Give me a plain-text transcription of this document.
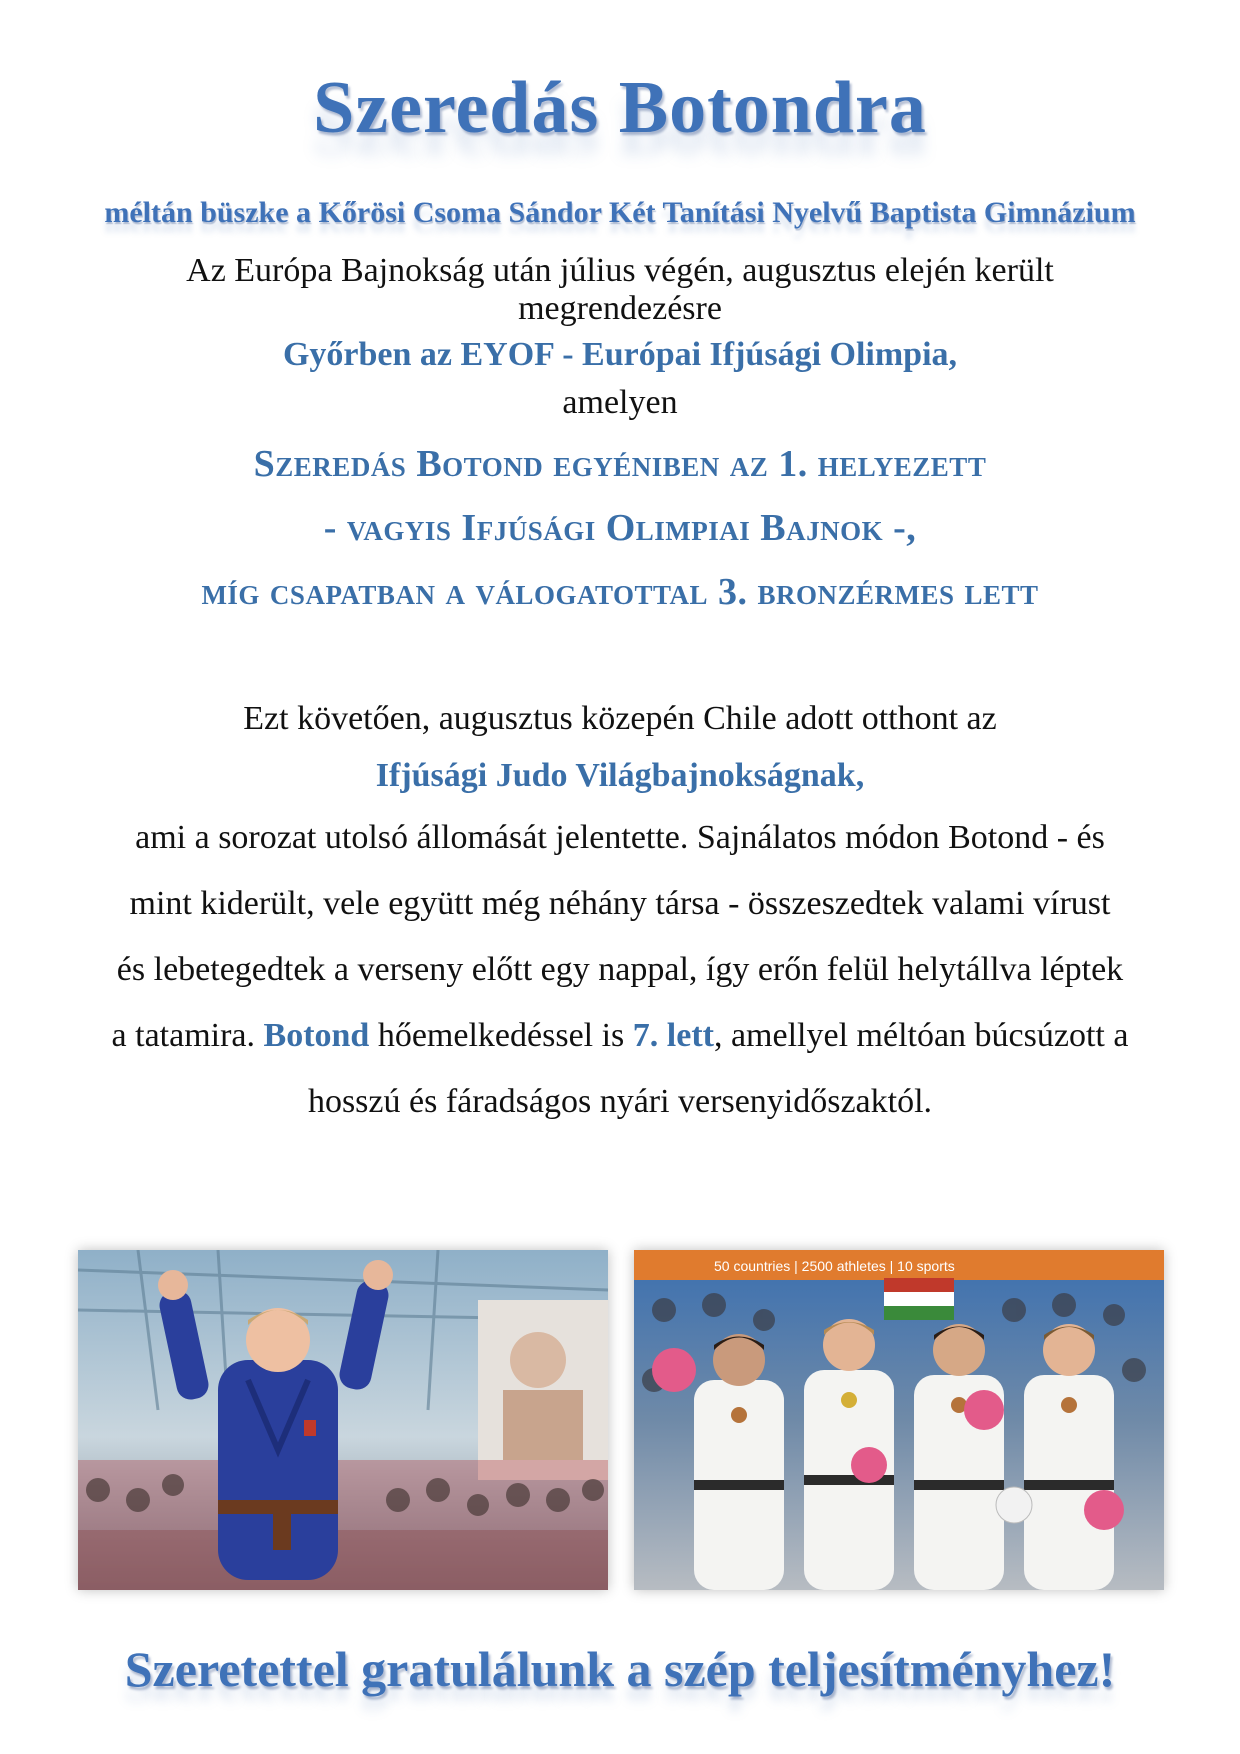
Szeredás Botondra
méltán büszke a Kőrösi Csoma Sándor Két Tanítási Nyelvű Baptista Gimnázium
Az Európa Bajnokság után július végén, augusztus elején került
megrendezésre
Győrben az EYOF - Európai Ifjúsági Olimpia,
amelyen
Szeredás Botond egyéniben az 1. helyezett
- vagyis Ifjúsági Olimpiai Bajnok -,
míg csapatban a válogatottal 3. bronzérmes lett
Ezt követően, augusztus közepén Chile adott otthont az
Ifjúsági Judo Világbajnokságnak,
ami a sorozat utolsó állomását jelentette. Sajnálatos módon Botond - és
mint kiderült, vele együtt még néhány társa - összeszedtek valami vírust
és lebetegedtek a verseny előtt egy nappal, így erőn felül helytállva léptek
a tatamira. Botond hőemelkedéssel is 7. lett, amellyel méltóan búcsúzott a
hosszú és fáradságos nyári versenyidőszaktól.
50 countries | 2500 athletes | 10 sports
Szeretettel gratulálunk a szép teljesítményhez!
